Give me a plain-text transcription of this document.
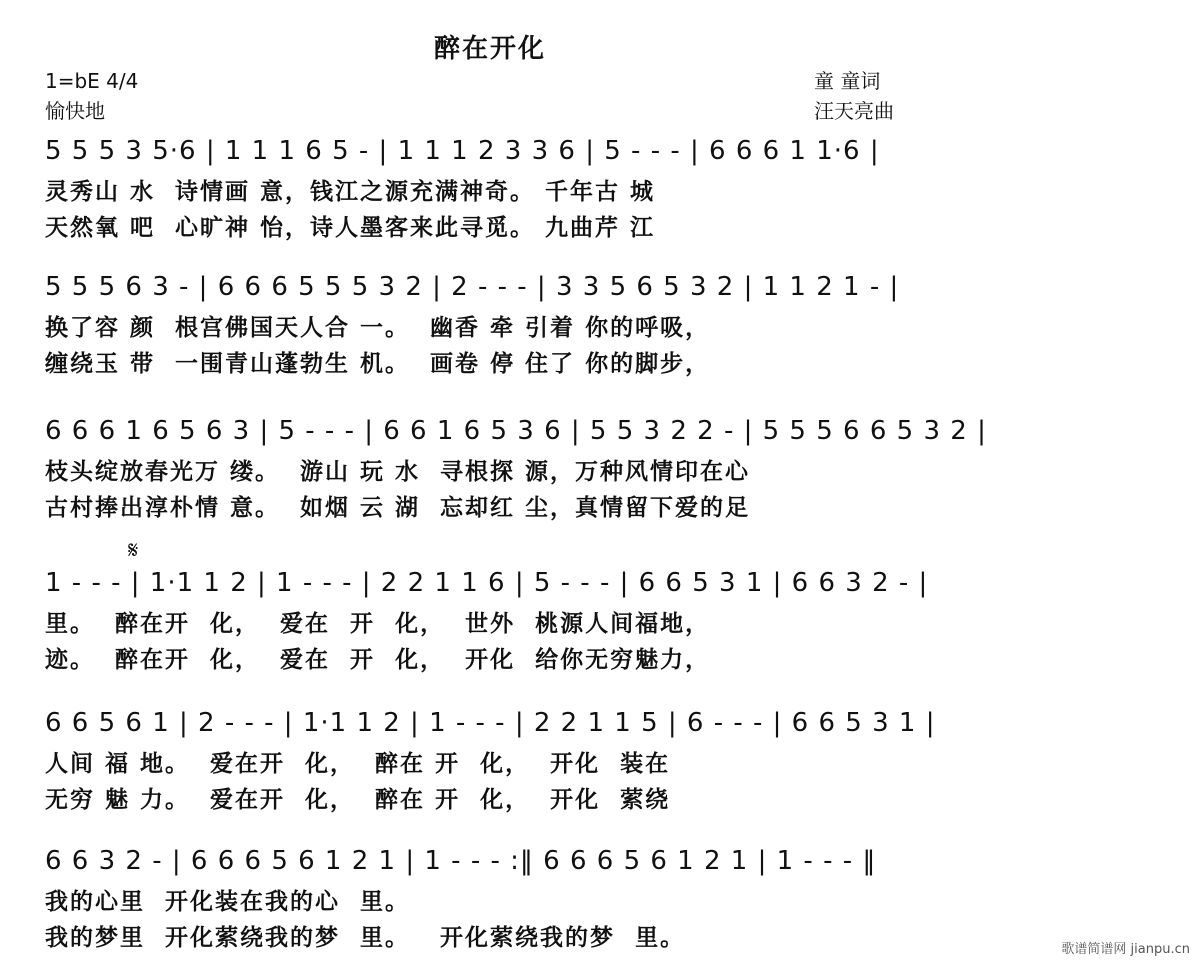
醉在开化
1=bE 4/4
愉快地
童 童词
汪天亮曲
𝄋
5 5 5 3 5·6 | 1 1 1 6 5 - | 1 1 1 2 3 3 6 | 5 - - - | 6 6 6 1 1·6 |
灵秀山 水  诗情画 意，钱江之源充满神奇。 千年古 城
天然氧 吧  心旷神 怡，诗人墨客来此寻觅。 九曲芹 江
5 5 5 6 3 - | 6 6 6 5 5 5 3 2 | 2 - - - | 3 3 5 6 5 3 2 | 1 1 2 1 - |
换了容 颜  根宫佛国天人合 一。  幽香 牵 引着 你的呼吸，
缠绕玉 带  一围青山蓬勃生 机。  画卷 停 住了 你的脚步，
6 6 6 1 6 5 6 3 | 5 - - - | 6 6 1 6 5 3 6 | 5 5 3 2 2 - | 5 5 5 6 6 5 3 2 |
枝头绽放春光万 缕。  游山 玩 水  寻根探 源，万种风情印在心
古村捧出淳朴情 意。  如烟 云 湖  忘却红 尘，真情留下爱的足
1 - - - | 1·1 1 2 | 1 - - - | 2 2 1 1 6 | 5 - - - | 6 6 5 3 1 | 6 6 3 2 - |
里。  醉在开  化，  爱在  开  化，  世外  桃源人间福地，
迹。  醉在开  化，  爱在  开  化，  开化  给你无穷魅力，
6 6 5 6 1 | 2 - - - | 1·1 1 2 | 1 - - - | 2 2 1 1 5 | 6 - - - | 6 6 5 3 1 |
人间 福 地。  爱在开  化，  醉在 开  化，  开化  装在
无穷 魅 力。  爱在开  化，  醉在 开  化，  开化  萦绕
6 6 3 2 - | 6 6 6 5 6 1 2 1 | 1 - - - :‖ 6 6 6 5 6 1 2 1 | 1 - - - ‖
我的心里  开化装在我的心  里。
我的梦里  开化萦绕我的梦  里。   开化萦绕我的梦  里。	歌谱简谱网 jianpu.cn
